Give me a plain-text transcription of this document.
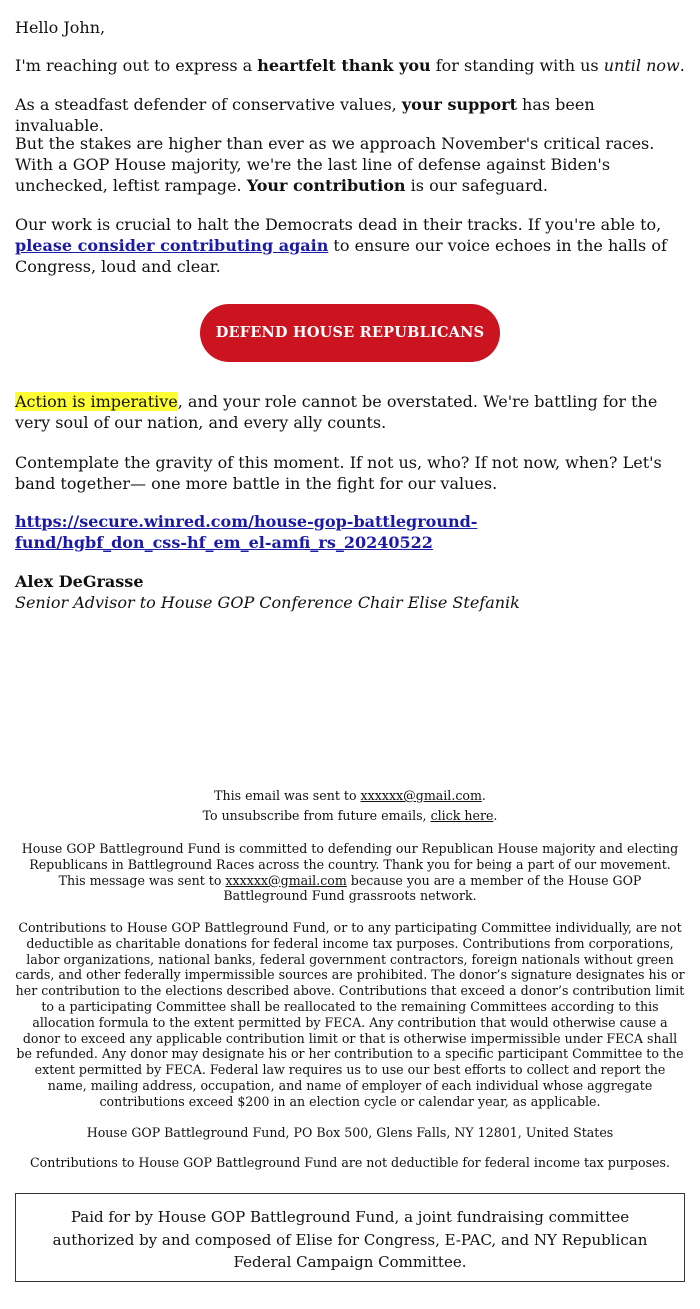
Hello John,

I'm reaching out to express a heartfelt thank you for standing with us until now.

As a steadfast defender of conservative values, your support has been invaluable.

But the stakes are higher than ever as we approach November's critical races. With a GOP House majority, we're the last line of defense against Biden's unchecked, leftist rampage. Your contribution is our safeguard.

Our work is crucial to halt the Democrats dead in their tracks. If you're able to, please consider contributing again to ensure our voice echoes in the halls of Congress, loud and clear.

DEFEND HOUSE REPUBLICANS

Action is imperative, and your role cannot be overstated. We're battling for the very soul of our nation, and every ally counts.

Contemplate the gravity of this moment. If not us, who? If not now, when? Let's band together— one more battle in the fight for our values.

https://secure.winred.com/house-gop-battleground-fund/hgbf_don_css-hf_em_el-amfi_rs_20240522

Alex DeGrasse

Senior Advisor to House GOP Conference Chair Elise Stefanik

This email was sent to xxxxxx@gmail.com.

To unsubscribe from future emails, click here.

House GOP Battleground Fund is committed to defending our Republican House majority and electing Republicans in Battleground Races across the country. Thank you for being a part of our movement. This message was sent to xxxxxx@gmail.com because you are a member of the House GOP Battleground Fund grassroots network.

Contributions to House GOP Battleground Fund, or to any participating Committee individually, are not deductible as charitable donations for federal income tax purposes. Contributions from corporations, labor organizations, national banks, federal government contractors, foreign nationals without green cards, and other federally impermissible sources are prohibited. The donor’s signature designates his or her contribution to the elections described above. Contributions that exceed a donor’s contribution limit to a participating Committee shall be reallocated to the remaining Committees according to this allocation formula to the extent permitted by FECA. Any contribution that would otherwise cause a donor to exceed any applicable contribution limit or that is otherwise impermissible under FECA shall be refunded. Any donor may designate his or her contribution to a specific participant Committee to the extent permitted by FECA. Federal law requires us to use our best efforts to collect and report the name, mailing address, occupation, and name of employer of each individual whose aggregate contributions exceed $200 in an election cycle or calendar year, as applicable.

House GOP Battleground Fund, PO Box 500, Glens Falls, NY 12801, United States

Contributions to House GOP Battleground Fund are not deductible for federal income tax purposes.

Paid for by House GOP Battleground Fund, a joint fundraising committee authorized by and composed of Elise for Congress, E-PAC, and NY Republican Federal Campaign Committee.
